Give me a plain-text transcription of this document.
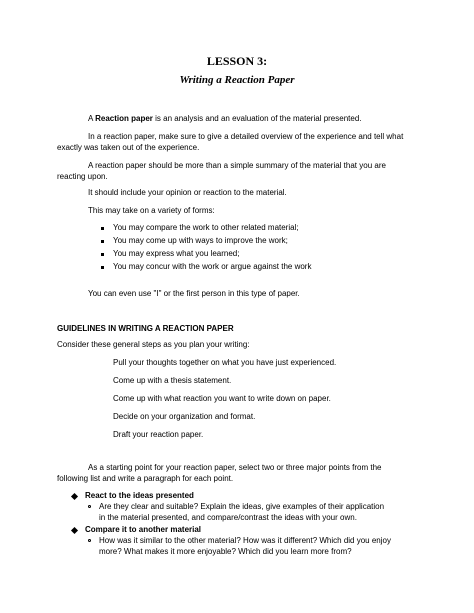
LESSON 3:
Writing a Reaction Paper
A Reaction paper is an analysis and an evaluation of the material presented.
In a reaction paper, make sure to give a detailed overview of the experience and tell what
exactly was taken out of the experience.
A reaction paper should be more than a simple summary of the material that you are
reacting upon.
It should include your opinion or reaction to the material.
This may take on a variety of forms:
You may compare the work to other related material;
You may come up with ways to improve the work;
You may express what you learned;
You may concur with the work or argue against the work
You can even use "I" or the first person in this type of paper.
GUIDELINES IN WRITING A REACTION PAPER
Consider these general steps as you plan your writing:
Pull your thoughts together on what you have just experienced.
Come up with a thesis statement.
Come up with what reaction you want to write down on paper.
Decide on your organization and format.
Draft your reaction paper.
As a starting point for your reaction paper, select two or three major points from the
following list and write a paragraph for each point.
React to the ideas presented
Are they clear and suitable? Explain the ideas, give examples of their application
in the material presented, and compare/contrast the ideas with your own.
Compare it to another material
How was it similar to the other material? How was it different? Which did you enjoy
more? What makes it more enjoyable? Which did you learn more from?
